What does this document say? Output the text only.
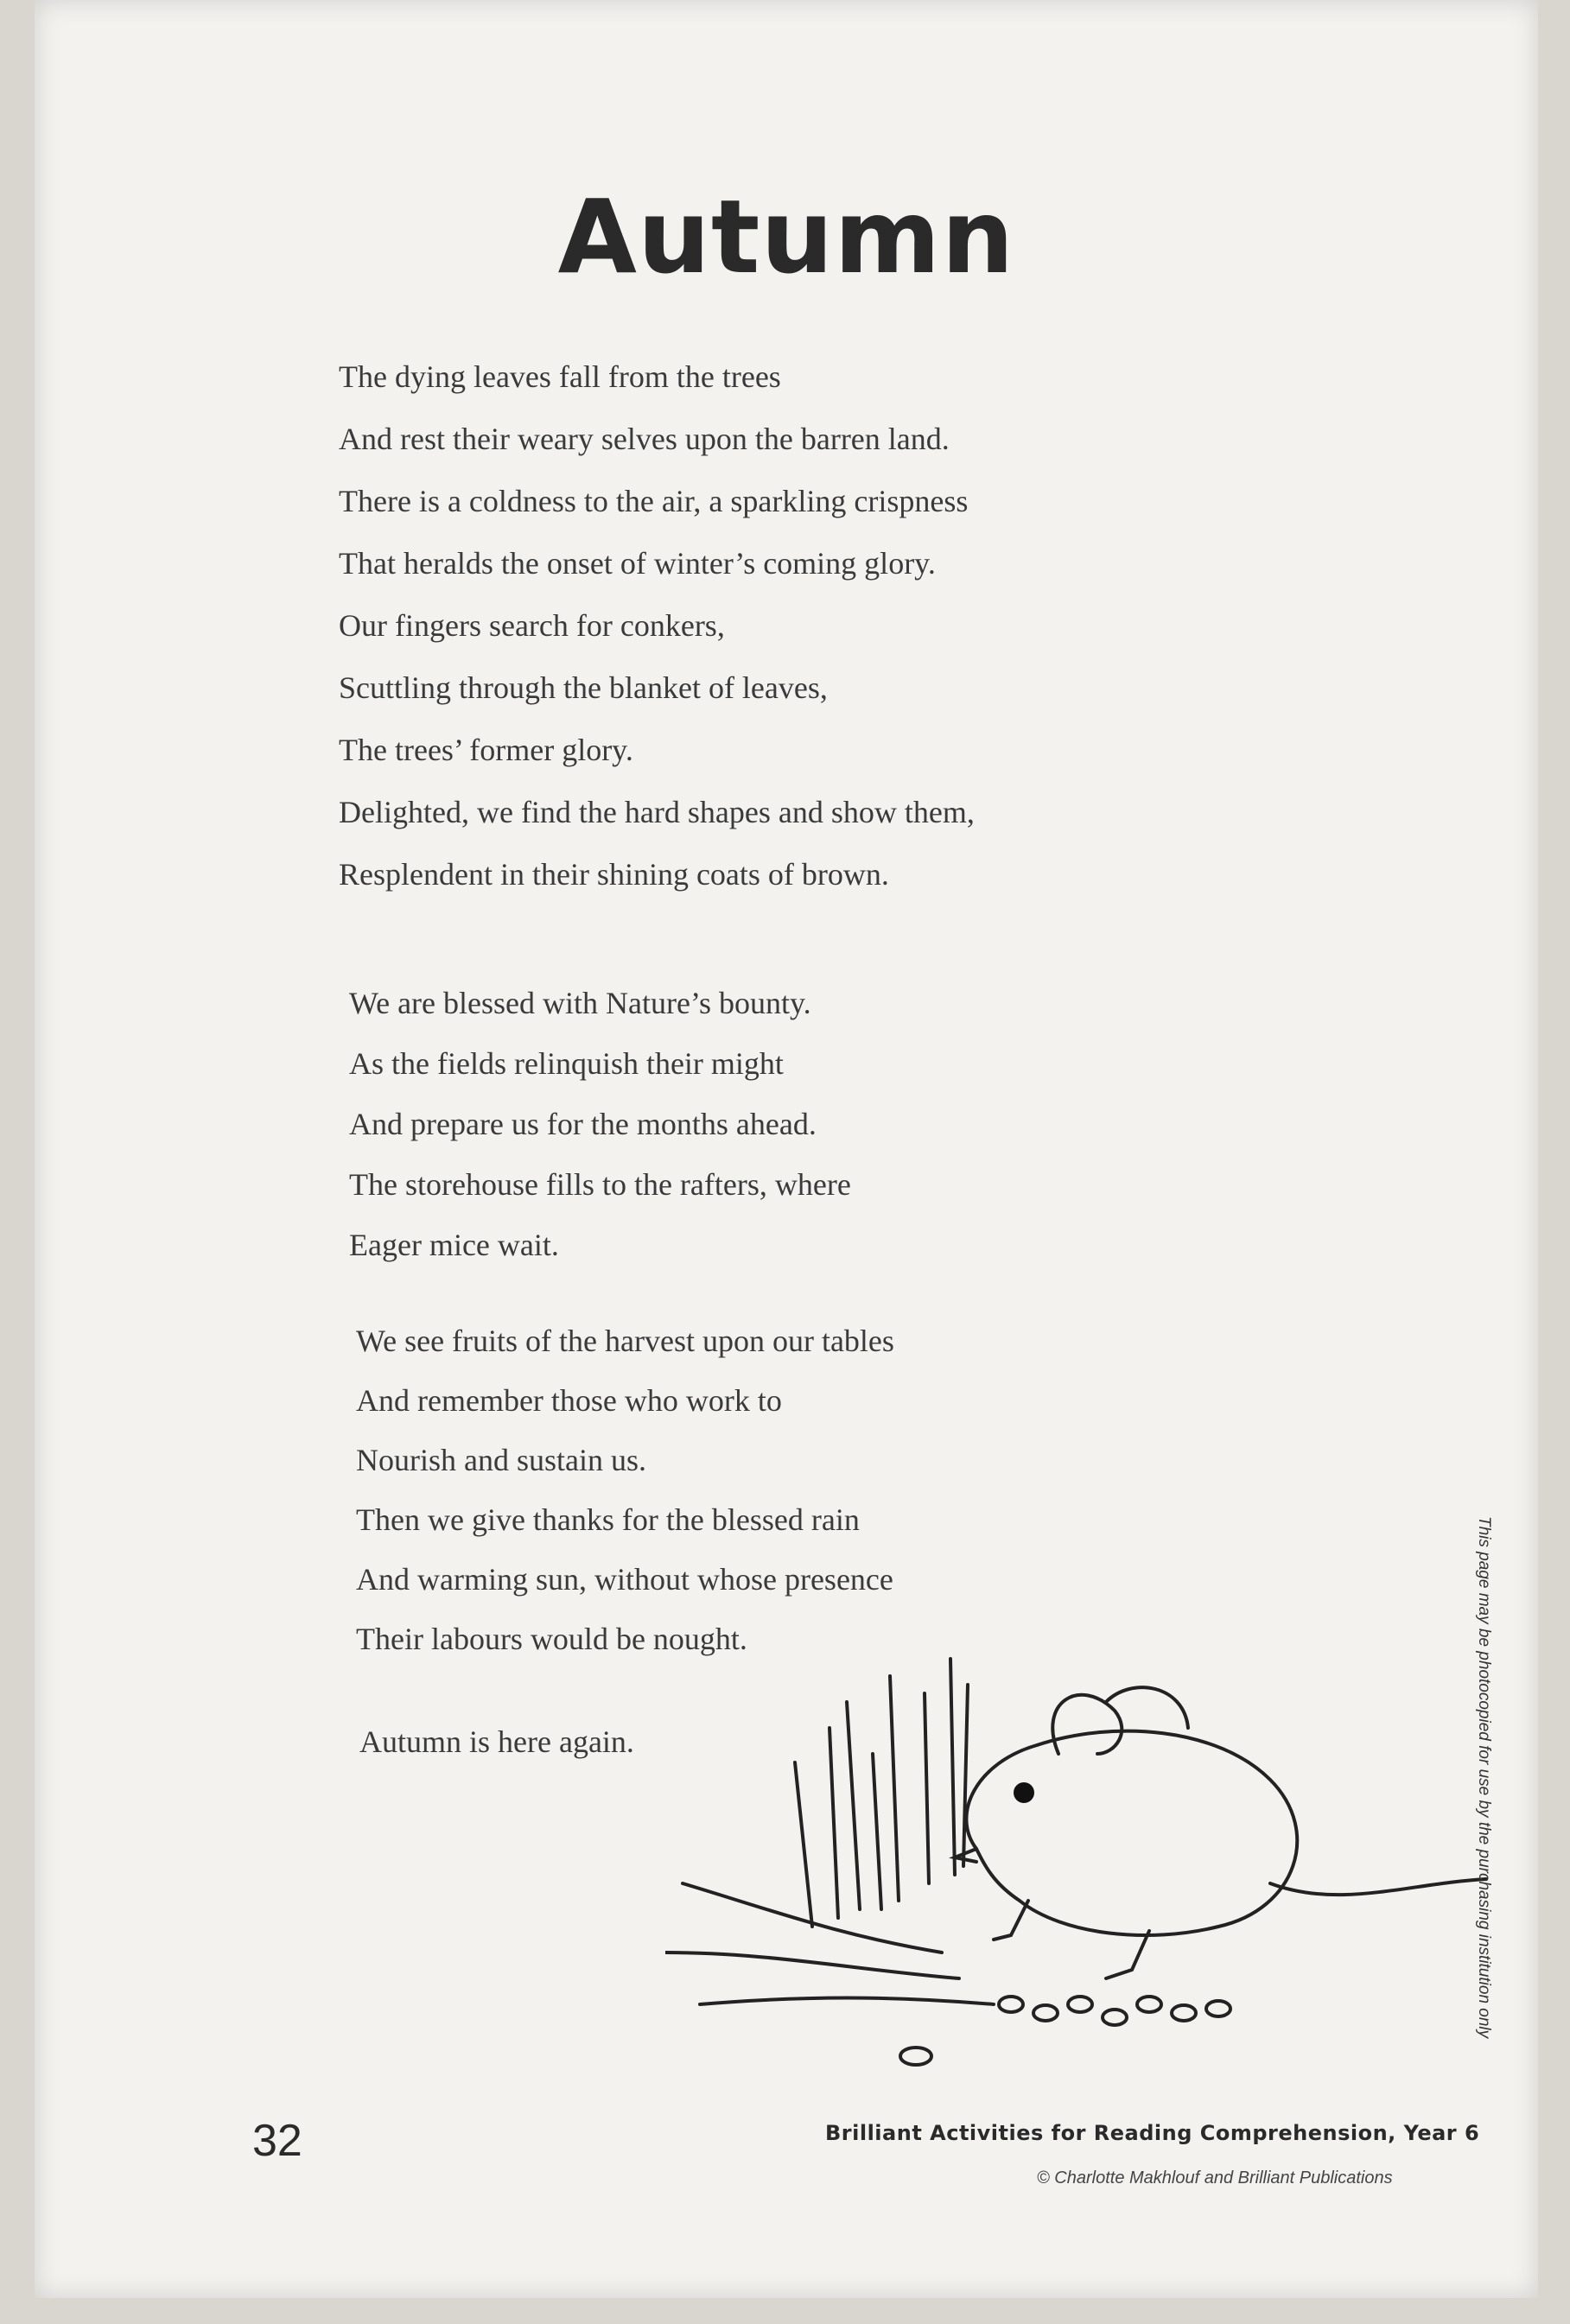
Autumn
The dying leaves fall from the trees
And rest their weary selves upon the barren land.
There is a coldness to the air, a sparkling crispness
That heralds the onset of winter’s coming glory.
Our fingers search for conkers,
Scuttling through the blanket of leaves,
The trees’ former glory.
Delighted, we find the hard shapes and show them,
Resplendent in their shining coats of brown.
We are blessed with Nature’s bounty.
As the fields relinquish their might
And prepare us for the months ahead.
The storehouse fills to the rafters, where
Eager mice wait.
We see fruits of the harvest upon our tables
And remember those who work to
Nourish and sustain us.
Then we give thanks for the blessed rain
And warming sun, without whose presence
Their labours would be nought.
Autumn is here again.	This page may be photocopied for use by the purchasing institution only
32	Brilliant Activities for Reading Comprehension, Year 6
© Charlotte Makhlouf and Brilliant Publications
